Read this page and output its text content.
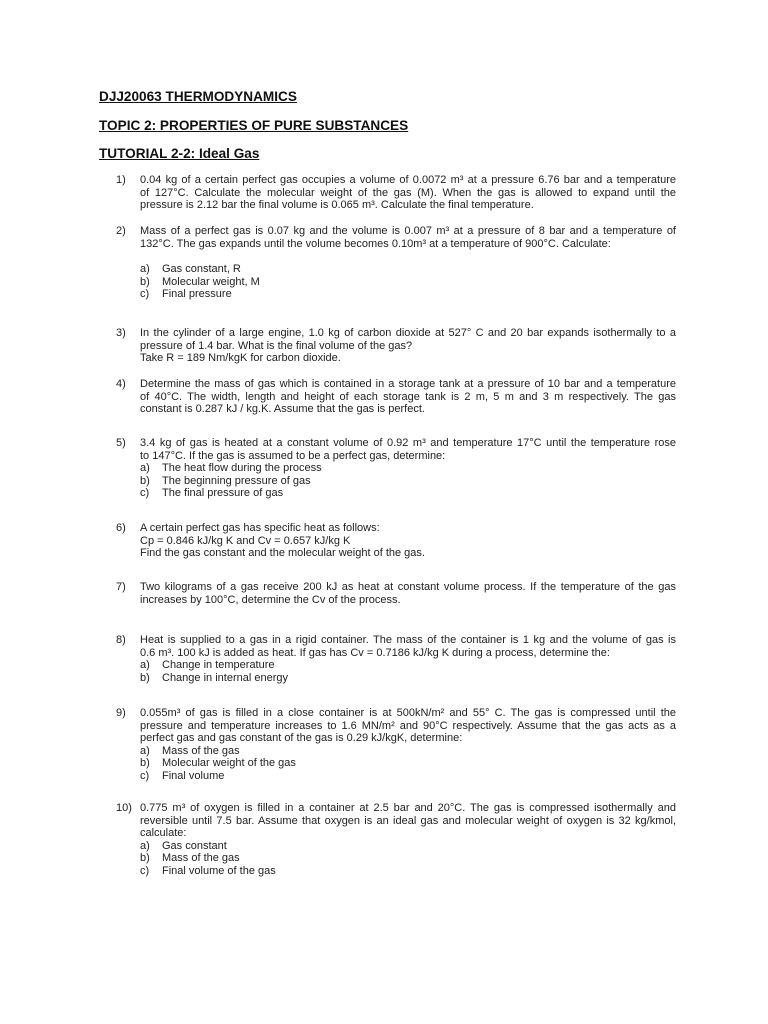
DJJ20063 THERMODYNAMICS
TOPIC 2: PROPERTIES OF PURE SUBSTANCES
TUTORIAL 2-2: Ideal Gas
1) 0.04 kg of a certain perfect gas occupies a volume of 0.0072 m³ at a pressure 6.76 bar and a temperature
of 127°C. Calculate the molecular weight of the gas (M). When the gas is allowed to expand until the
pressure is 2.12 bar the final volume is 0.065 m³. Calculate the final temperature.
2) Mass of a perfect gas is 0.07 kg and the volume is 0.007 m³ at a pressure of 8 bar and a temperature of
132°C. The gas expands until the volume becomes 0.10m³ at a temperature of 900°C. Calculate:
a) Gas constant, R
b) Molecular weight, M
c) Final pressure
3) In the cylinder of a large engine, 1.0 kg of carbon dioxide at 527° C and 20 bar expands isothermally to a
pressure of 1.4 bar. What is the final volume of the gas?
Take R = 189 Nm/kgK for carbon dioxide.
4) Determine the mass of gas which is contained in a storage tank at a pressure of 10 bar and a temperature
of 40°C. The width, length and height of each storage tank is 2 m, 5 m and 3 m respectively. The gas
constant is 0.287 kJ / kg.K. Assume that the gas is perfect.
5) 3.4 kg of gas is heated at a constant volume of 0.92 m³ and temperature 17°C until the temperature rose
to 147°C. If the gas is assumed to be a perfect gas, determine:
a) The heat flow during the process
b) The beginning pressure of gas
c) The final pressure of gas
6) A certain perfect gas has specific heat as follows:
Cp = 0.846 kJ/kg K and Cv = 0.657 kJ/kg K
Find the gas constant and the molecular weight of the gas.
7) Two kilograms of a gas receive 200 kJ as heat at constant volume process. If the temperature of the gas
increases by 100°C, determine the Cv of the process.
8) Heat is supplied to a gas in a rigid container. The mass of the container is 1 kg and the volume of gas is
0.6 m³. 100 kJ is added as heat. If gas has Cv = 0.7186 kJ/kg K during a process, determine the:
a) Change in temperature
b) Change in internal energy
9) 0.055m³ of gas is filled in a close container is at 500kN/m² and 55° C. The gas is compressed until the
pressure and temperature increases to 1.6 MN/m² and 90°C respectively. Assume that the gas acts as a
perfect gas and gas constant of the gas is 0.29 kJ/kgK, determine:
a) Mass of the gas
b) Molecular weight of the gas
c) Final volume
10) 0.775 m³ of oxygen is filled in a container at 2.5 bar and 20°C. The gas is compressed isothermally and
reversible until 7.5 bar. Assume that oxygen is an ideal gas and molecular weight of oxygen is 32 kg/kmol,
calculate:
a) Gas constant
b) Mass of the gas
c) Final volume of the gas
